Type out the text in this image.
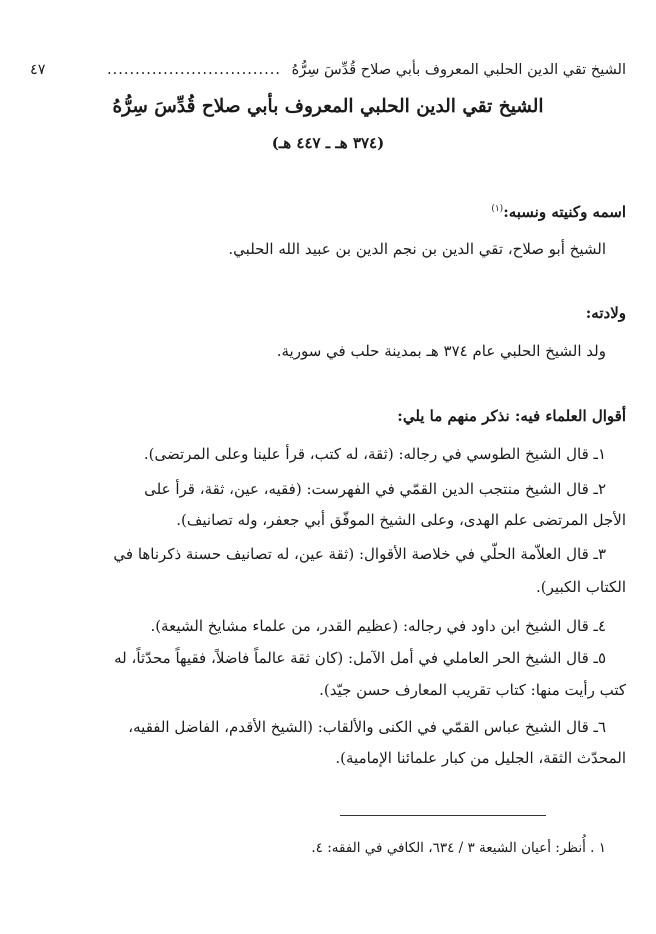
الشيخ تقي الدين الحلبي المعروف بأبي صلاح قُدِّسَ سِرُّهُ
...............................
٤٧
الشيخ تقي الدين الحلبي المعروف بأبي صلاح قُدِّسَ سِرُّهُ
(٣٧٤ هـ ـ ٤٤٧ هـ)
اسمه وكنيته ونسبه:$^{(١)}$
الشيخ أبو صلاح، تقي الدين بن نجم الدين بن عبيد الله الحلبي.
ولادته:
ولد الشيخ الحلبي عام ٣٧٤ هـ بمدينة حلب في سورية.
أقوال العلماء فيه: نذكر منهم ما يلي:
١ـ قال الشيخ الطوسي في رجاله: (ثقة، له كتب، قرأ علينا وعلى المرتضى).
٢ـ قال الشيخ منتجب الدين القمّي في الفهرست: (فقيه، عين، ثقة، قرأ على
الأجل المرتضى علم الهدى، وعلى الشيخ الموفّق أبي جعفر، وله تصانيف).
٣ـ قال العلاّمة الحلّي في خلاصة الأقوال: (ثقة عين، له تصانيف حسنة ذكرناها في
الكتاب الكبير).
٤ـ قال الشيخ ابن داود في رجاله: (عظيم القدر، من علماء مشايخ الشيعة).
٥ـ قال الشيخ الحر العاملي في أمل الآمل: (كان ثقة عالماً فاضلاً، فقيهاً محدّثاً، له
كتب رأيت منها: كتاب تقريب المعارف حسن جيّد).
٦ـ قال الشيخ عباس القمّي في الكنى والألقاب: (الشيخ الأقدم، الفاضل الفقيه،
المحدّث الثقة، الجليل من كبار علمائنا الإمامية).
١ . أُنظر: أعيان الشيعة ٣ / ٦٣٤، الكافي في الفقه: ٤.
